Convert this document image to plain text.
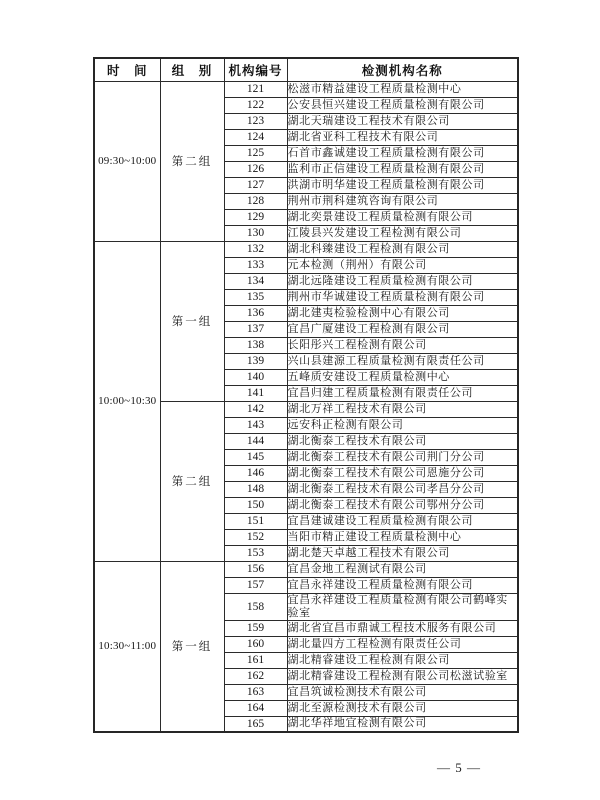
时　间	组　别	机构编号	检测机构名称
09:30~10:00	第二组	121	松滋市精益建设工程质量检测中心
		122	公安县恒兴建设工程质量检测有限公司
		123	湖北天瑞建设工程技术有限公司
		124	湖北省亚科工程技术有限公司
		125	石首市鑫诚建设工程质量检测有限公司
		126	监利市正信建设工程质量检测有限公司
		127	洪湖市明华建设工程质量检测有限公司
		128	荆州市荆科建筑咨询有限公司
		129	湖北奕景建设工程质量检测有限公司
		130	江陵县兴发建设工程检测有限公司
10:00~10:30	第一组	132	湖北科臻建设工程检测有限公司
		133	元本检测（荆州）有限公司
		134	湖北远隆建设工程质量检测有限公司
		135	荆州市华诚建设工程质量检测有限公司
		136	湖北建夷检验检测中心有限公司
		137	宜昌广厦建设工程检测有限公司
		138	长阳彤兴工程检测有限公司
		139	兴山县建源工程质量检测有限责任公司
		140	五峰质安建设工程质量检测中心
		141	宜昌归建工程质量检测有限责任公司
	第二组	142	湖北万祥工程技术有限公司
		143	远安科正检测有限公司
		144	湖北衡泰工程技术有限公司
		145	湖北衡泰工程技术有限公司荆门分公司
		146	湖北衡泰工程技术有限公司恩施分公司
		148	湖北衡泰工程技术有限公司孝昌分公司
		150	湖北衡泰工程技术有限公司鄂州分公司
		151	宜昌建诚建设工程质量检测有限公司
		152	当阳市精正建设工程质量检测中心
		153	湖北楚天卓越工程技术有限公司
10:30~11:00	第一组	156	宜昌金地工程测试有限公司
		157	宜昌永祥建设工程质量检测有限公司
		158	宜昌永祥建设工程质量检测有限公司鹤峰实验室
		159	湖北省宜昌市鼎诚工程技术服务有限公司
		160	湖北量四方工程检测有限责任公司
		161	湖北精睿建设工程检测有限公司
		162	湖北精睿建设工程检测有限公司松滋试验室
		163	宜昌筑诚检测技术有限公司
		164	湖北至源检测技术有限公司
		165	湖北华祥地宜检测有限公司
— 5 —
